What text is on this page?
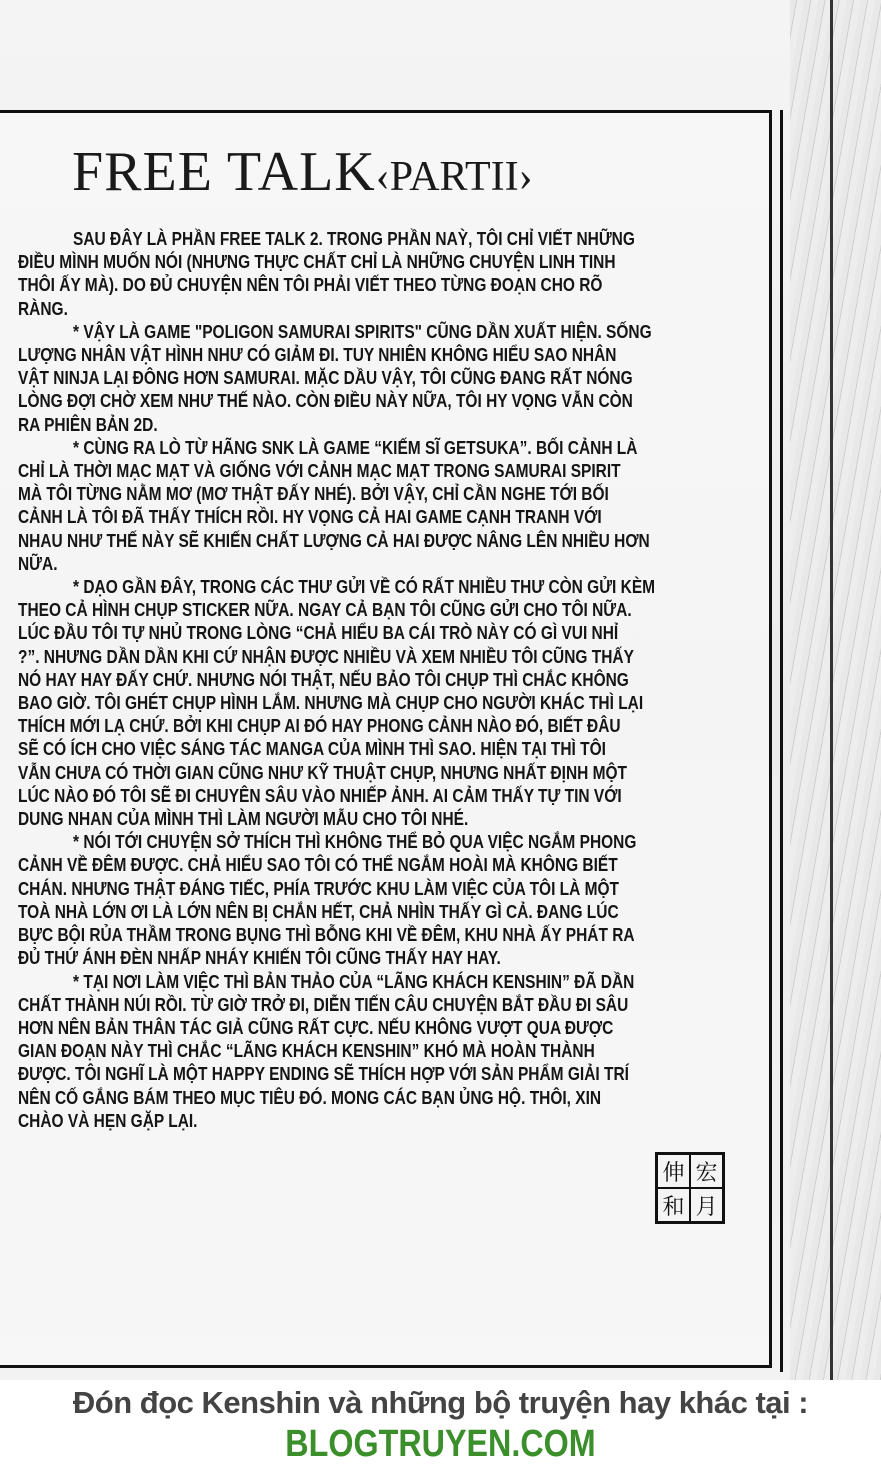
FREE TALK‹PARTII›
SAU ĐÂY LÀ PHẦN FREE TALK 2. TRONG PHẦN NAỲ, TÔI CHỈ VIẾT NHỮNG
ĐIỀU MÌNH MUỐN NÓI (NHƯNG THỰC CHẤT CHỈ LÀ NHỮNG CHUYỆN LINH TINH
THÔI ẤY MÀ). DO ĐỦ CHUYỆN NÊN TÔI PHẢI VIẾT THEO TỪNG ĐOẠN CHO RÕ
RÀNG.
* VẬY LÀ GAME "POLIGON SAMURAI SPIRITS" CŨNG DẦN XUẤT HIỆN. SỐNG
LƯỢNG NHÂN VẬT HÌNH NHƯ CÓ GIẢM ĐI. TUY NHIÊN KHÔNG HIỂU SAO NHÂN
VẬT NINJA LẠI ĐÔNG HƠN SAMURAI. MẶC DẦU VẬY, TÔI CŨNG ĐANG RẤT NÓNG
LÒNG ĐỢI CHỜ XEM NHƯ THẾ NÀO. CÒN ĐIỀU NÀY NỮA, TÔI HY VỌNG VẪN CÒN
RA PHIÊN BẢN 2D.
* CÙNG RA LÒ TỪ HÃNG SNK LÀ GAME “KIẾM SĨ GETSUKA”. BỐI CẢNH LÀ
CHỈ LÀ THỜI MẠC MẠT VÀ GIỐNG VỚI CẢNH MẠC MẠT TRONG SAMURAI SPIRIT
MÀ TÔI TỪNG NẰM MƠ (MƠ THẬT ĐẤY NHÉ). BỞI VẬY, CHỈ CẦN NGHE TỚI BỐI
CẢNH LÀ TÔI ĐÃ THẤY THÍCH RỒI. HY VỌNG CẢ HAI GAME CẠNH TRANH VỚI
NHAU NHƯ THẾ NÀY SẼ KHIẾN CHẤT LƯỢNG CẢ HAI ĐƯỢC NÂNG LÊN NHIỀU HƠN
NỮA.
* DẠO GẦN ĐÂY, TRONG CÁC THƯ GỬI VỀ CÓ RẤT NHIỀU THƯ CÒN GỬI KÈM
THEO CẢ HÌNH CHỤP STICKER NỮA. NGAY CẢ BẠN TÔI CŨNG GỬI CHO TÔI NỮA.
LÚC ĐẦU TÔI TỰ NHỦ TRONG LÒNG “CHẢ HIỂU BA CÁI TRÒ NÀY CÓ GÌ VUI NHỈ
?”. NHƯNG DẦN DẦN KHI CỨ NHẬN ĐƯỢC NHIỀU VÀ XEM NHIỀU TÔI CŨNG THẤY
NÓ HAY HAY ĐẤY CHỨ. NHƯNG NÓI THẬT, NẾU BẢO TÔI CHỤP THÌ CHẮC KHÔNG
BAO GIỜ. TÔI GHÉT CHỤP HÌNH LẮM. NHƯNG MÀ CHỤP CHO NGƯỜI KHÁC THÌ LẠI
THÍCH MỚI LẠ CHỨ. BỞI KHI CHỤP AI ĐÓ HAY PHONG CẢNH NÀO ĐÓ, BIẾT ĐÂU
SẼ CÓ ÍCH CHO VIỆC SÁNG TÁC MANGA CỦA MÌNH THÌ SAO. HIỆN TẠI THÌ TÔI
VẪN CHƯA CÓ THỜI GIAN CŨNG NHƯ KỸ THUẬT CHỤP, NHƯNG NHẤT ĐỊNH MỘT
LÚC NÀO ĐÓ TÔI SẼ ĐI CHUYÊN SÂU VÀO NHIẾP ẢNH. AI CẢM THẤY TỰ TIN VỚI
DUNG NHAN CỦA MÌNH THÌ LÀM NGƯỜI MẪU CHO TÔI NHÉ.
* NÓI TỚI CHUYỆN SỞ THÍCH THÌ KHÔNG THỂ BỎ QUA VIỆC NGẮM PHONG
CẢNH VỀ ĐÊM ĐƯỢC. CHẢ HIỂU SAO TÔI CÓ THỂ NGẮM HOÀI MÀ KHÔNG BIẾT
CHÁN. NHƯNG THẬT ĐÁNG TIẾC, PHÍA TRƯỚC KHU LÀM VIỆC CỦA TÔI LÀ MỘT
TOÀ NHÀ LỚN ƠI LÀ LỚN NÊN BỊ CHẮN HẾT, CHẢ NHÌN THẤY GÌ CẢ. ĐANG LÚC
BỰC BỘI RỦA THẦM TRONG BỤNG THÌ BỖNG KHI VỀ ĐÊM, KHU NHÀ ẤY PHÁT RA
ĐỦ THỨ ÁNH ĐÈN NHẤP NHÁY KHIẾN TÔI CŨNG THẤY HAY HAY.
* TẠI NƠI LÀM VIỆC THÌ BẢN THẢO CỦA “LÃNG KHÁCH KENSHIN” ĐÃ DẦN
CHẤT THÀNH NÚI RỒI. TỪ GIỜ TRỞ ĐI, DIỄN TIẾN CÂU CHUYỆN BẮT ĐẦU ĐI SÂU
HƠN NÊN BẢN THÂN TÁC GIẢ CŨNG RẤT CỰC. NẾU KHÔNG VƯỢT QUA ĐƯỢC
GIAN ĐOẠN NÀY THÌ CHẮC “LÃNG KHÁCH KENSHIN” KHÓ MÀ HOÀN THÀNH
ĐƯỢC. TÔI NGHĨ LÀ MỘT HAPPY ENDING SẼ THÍCH HỢP VỚI SẢN PHẨM GIẢI TRÍ
NÊN CỐ GẮNG BÁM THEO MỤC TIÊU ĐÓ. MONG CÁC BẠN ỦNG HỘ. THÔI, XIN
CHÀO VÀ HẸN GẶP LẠI.
伸 宏
和 月
Đón đọc Kenshin và những bộ truyện hay khác tại :
BLOGTRUYEN.COM
